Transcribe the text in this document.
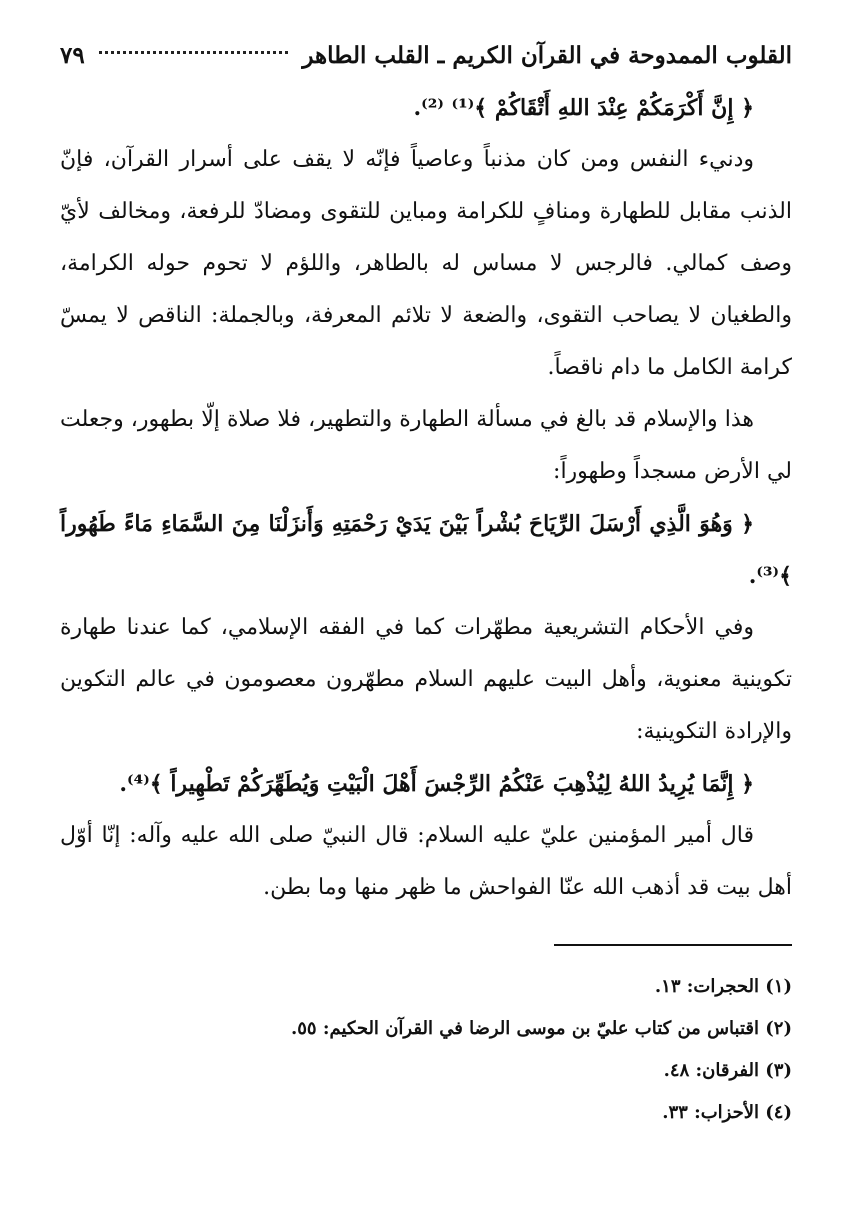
القلوب الممدوحة في القرآن الكريم ـ القلب الطاهر
٧٩

﴿ إِنَّ أَكْرَمَكُمْ عِنْدَ اللهِ أَتْقَاكُمْ ﴾⁽¹⁾ ⁽²⁾.

ودنيء النفس ومن كان مذنباً وعاصياً فإنّه لا يقف على أسرار القرآن، فإنّ الذنب مقابل للطهارة ومنافٍ للكرامة ومباين للتقوى ومضادّ للرفعة، ومخالف لأيّ وصف كمالي. فالرجس لا مساس له بالطاهر، واللؤم لا تحوم حوله الكرامة، والطغيان لا يصاحب التقوى، والضعة لا تلائم المعرفة، وبالجملة: الناقص لا يمسّ كرامة الكامل ما دام ناقصاً.

هذا والإسلام قد بالغ في مسألة الطهارة والتطهير، فلا صلاة إلّا بطهور، وجعلت لي الأرض مسجداً وطهوراً:

﴿ وَهُوَ الَّذِي أَرْسَلَ الرِّيَاحَ بُشْراً بَيْنَ يَدَيْ رَحْمَتِهِ وَأَنزَلْنَا مِنَ السَّمَاءِ مَاءً طَهُوراً ﴾⁽³⁾.

وفي الأحكام التشريعية مطهّرات كما في الفقه الإسلامي، كما عندنا طهارة تكوينية معنوية، وأهل البيت عليهم السلام مطهّرون معصومون في عالم التكوين والإرادة التكوينية:

﴿ إِنَّمَا يُرِيدُ اللهُ لِيُذْهِبَ عَنْكُمُ الرِّجْسَ أَهْلَ الْبَيْتِ وَيُطَهِّرَكُمْ تَطْهِيراً ﴾⁽⁴⁾.

قال أمير المؤمنين عليّ عليه السلام: قال النبيّ صلى الله عليه وآله: إنّا أوّل أهل بيت قد أذهب الله عنّا الفواحش ما ظهر منها وما بطن.

(١) الحجرات: ١٣.
(٢) اقتباس من كتاب عليّ بن موسى الرضا في القرآن الحكيم: ٥٥.
(٣) الفرقان: ٤٨.
(٤) الأحزاب: ٣٣.
